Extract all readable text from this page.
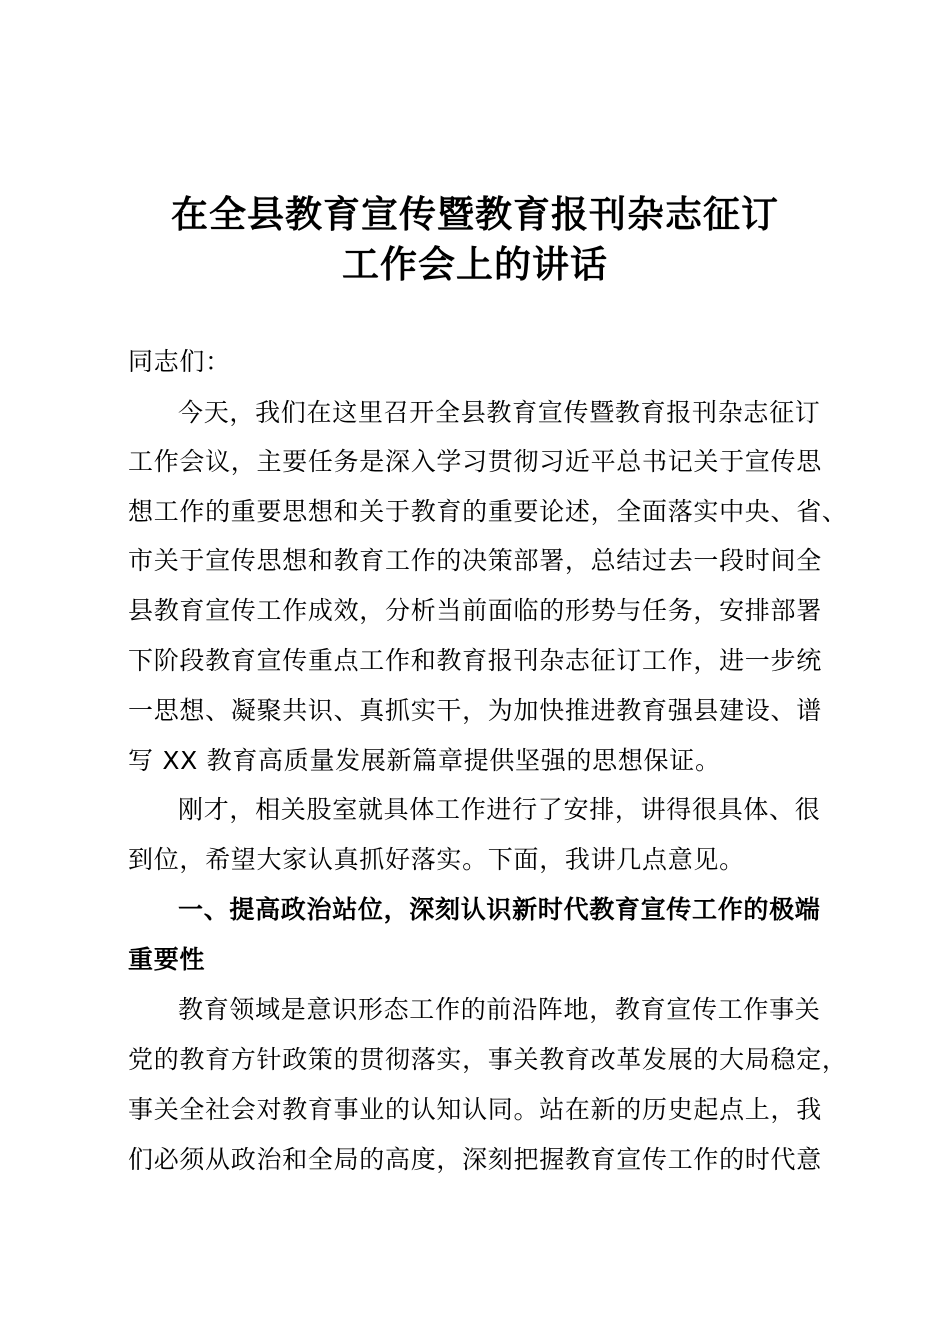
在全县教育宣传暨教育报刊杂志征订
工作会上的讲话
同志们：
今天，我们在这里召开全县教育宣传暨教育报刊杂志征订
工作会议，主要任务是深入学习贯彻习近平总书记关于宣传思
想工作的重要思想和关于教育的重要论述，全面落实中央、省、
市关于宣传思想和教育工作的决策部署，总结过去一段时间全
县教育宣传工作成效，分析当前面临的形势与任务，安排部署
下阶段教育宣传重点工作和教育报刊杂志征订工作，进一步统
一思想、凝聚共识、真抓实干，为加快推进教育强县建设、谱
写 XX 教育高质量发展新篇章提供坚强的思想保证。
刚才，相关股室就具体工作进行了安排，讲得很具体、很
到位，希望大家认真抓好落实。下面，我讲几点意见。
一、提高政治站位，深刻认识新时代教育宣传工作的极端
重要性
教育领域是意识形态工作的前沿阵地，教育宣传工作事关
党的教育方针政策的贯彻落实，事关教育改革发展的大局稳定，
事关全社会对教育事业的认知认同。站在新的历史起点上，我
们必须从政治和全局的高度，深刻把握教育宣传工作的时代意
